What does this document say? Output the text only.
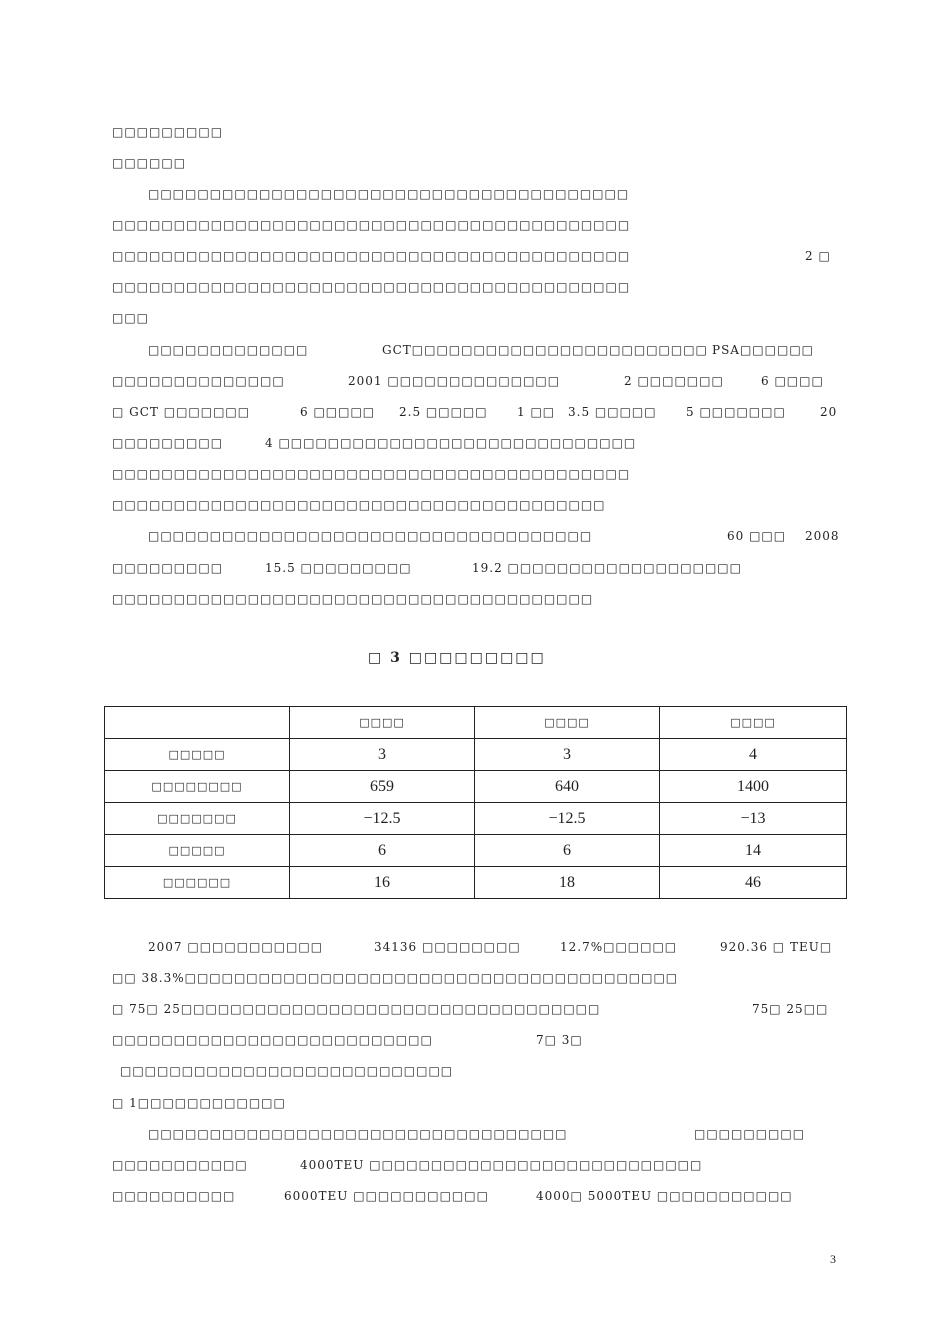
□□□□□□□□□
□□□□□□
□□□□□□□□□□□□□□□□□□□□□□□□□□□□□□□□□□□□□□□
□□□□□□□□□□□□□□□□□□□□□□□□□□□□□□□□□□□□□□□□□□
□□□□□□□□□□□□□□□□□□□□□□□□□□□□□□□□□□□□□□□□□□	2 □
□□□□□□□□□□□□□□□□□□□□□□□□□□□□□□□□□□□□□□□□□□
□□□
□□□□□□□□□□□□□	GCT□□□□□□□□□□□□□□□□□□□□□□□□ PSA□□□□□□
□□□□□□□□□□□□□□	2001 □□□□□□□□□□□□□□	2 □□□□□□□	6 □□□□
□ GCT □□□□□□□	6 □□□□□ 2.5 □□□□□ 1 □□ 3.5 □□□□□ 5 □□□□□□□	20
□□□□□□□□□	4 □□□□□□□□□□□□□□□□□□□□□□□□□□□□□
□□□□□□□□□□□□□□□□□□□□□□□□□□□□□□□□□□□□□□□□□□
□□□□□□□□□□□□□□□□□□□□□□□□□□□□□□□□□□□□□□□□
□□□□□□□□□□□□□□□□□□□□□□□□□□□□□□□□□□□□	60 □□□ 2008
□□□□□□□□□	15.5 □□□□□□□□□	19.2 □□□□□□□□□□□□□□□□□□□
□□□□□□□□□□□□□□□□□□□□□□□□□□□□□□□□□□□□□□□
2007 □□□□□□□□□□□	34136 □□□□□□□□	12.7%□□□□□□	920.36 □ TEU□
□□ 38.3%□□□□□□□□□□□□□□□□□□□□□□□□□□□□□□□□□□□□□□□□
□ 75□ 25□□□□□□□□□□□□□□□□□□□□□□□□□□□□□□□□□□	75□ 25□□
□□□□□□□□□□□□□□□□□□□□□□□□□□	7□ 3□
□□□□□□□□□□□□□□□□□□□□□□□□□□□
□ 1□□□□□□□□□□□□
□□□□□□□□□□□□□□□□□□□□□□□□□□□□□□□□□□	□□□□□□□□□
□□□□□□□□□□□	4000TEU □□□□□□□□□□□□□□□□□□□□□□□□□□□
□□□□□□□□□□	6000TEU □□□□□□□□□□□	4000□ 5000TEU □□□□□□□□□□□
□ 3 □□□□□□□□□
	□□□□	□□□□	□□□□
□□□□□	3	3	4
□□□□□□□□	659	640	1400
□□□□□□□	−12.5	−12.5	−13
□□□□□	6	6	14
□□□□□□	16	18	46
3
